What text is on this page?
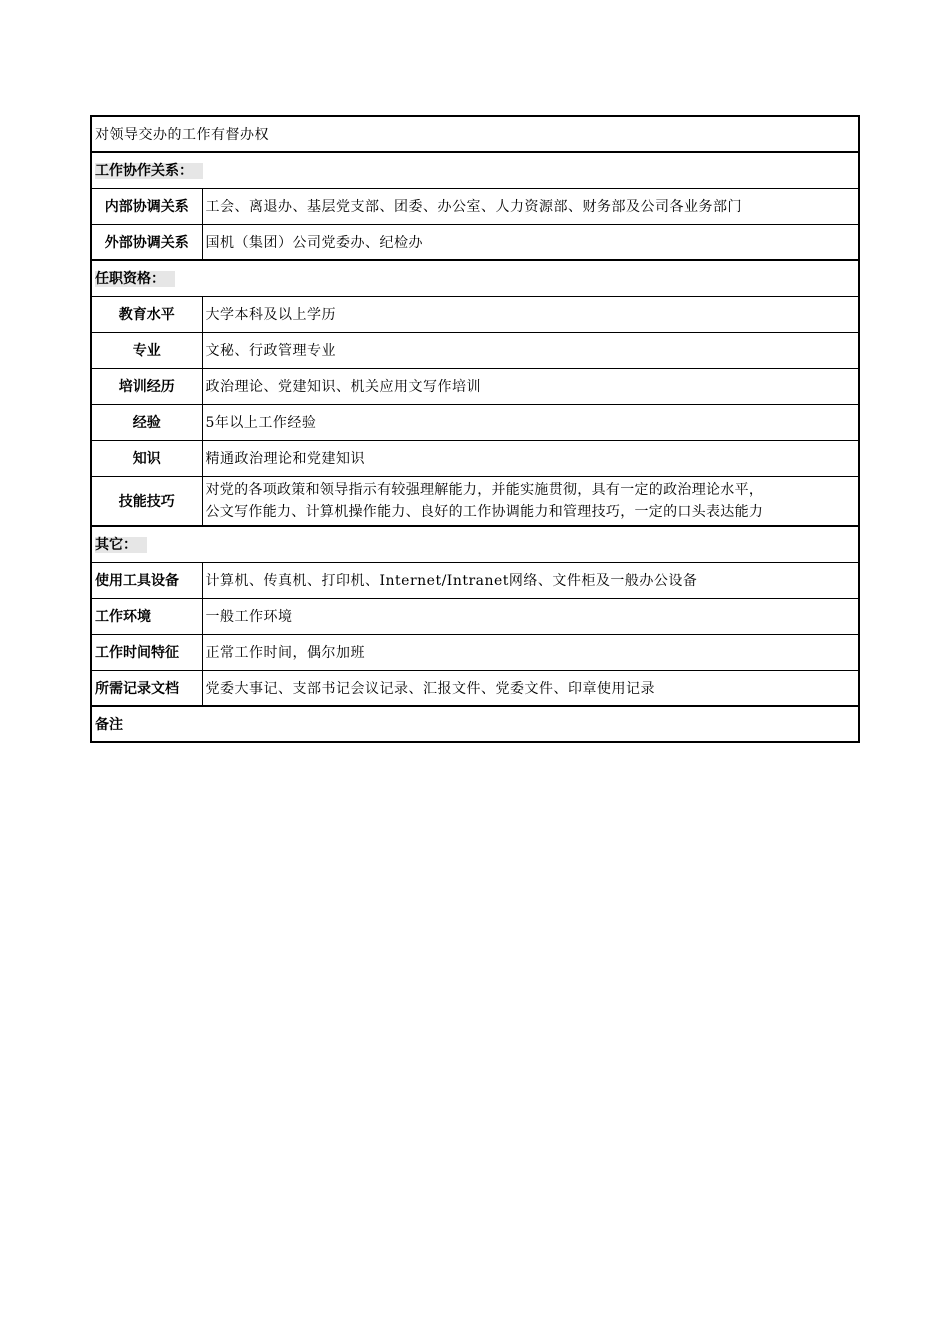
对领导交办的工作有督办权	
工作协作关系：	
内部协调关系	工会、离退办、基层党支部、团委、办公室、人力资源部、财务部及公司各业务部门
外部协调关系	国机（集团）公司党委办、纪检办
任职资格：	
教育水平	大学本科及以上学历
专业	文秘、行政管理专业
培训经历	政治理论、党建知识、机关应用文写作培训
经验	5年以上工作经验
知识	精通政治理论和党建知识
技能技巧	对党的各项政策和领导指示有较强理解能力，并能实施贯彻，具有一定的政治理论水平，
公文写作能力、计算机操作能力、良好的工作协调能力和管理技巧，一定的口头表达能力

其它：	
使用工具设备	计算机、传真机、打印机、Internet/Intranet网络、文件柜及一般办公设备
工作环境	一般工作环境
工作时间特征	正常工作时间，偶尔加班
所需记录文档	党委大事记、支部书记会议记录、汇报文件、党委文件、印章使用记录
备注	
